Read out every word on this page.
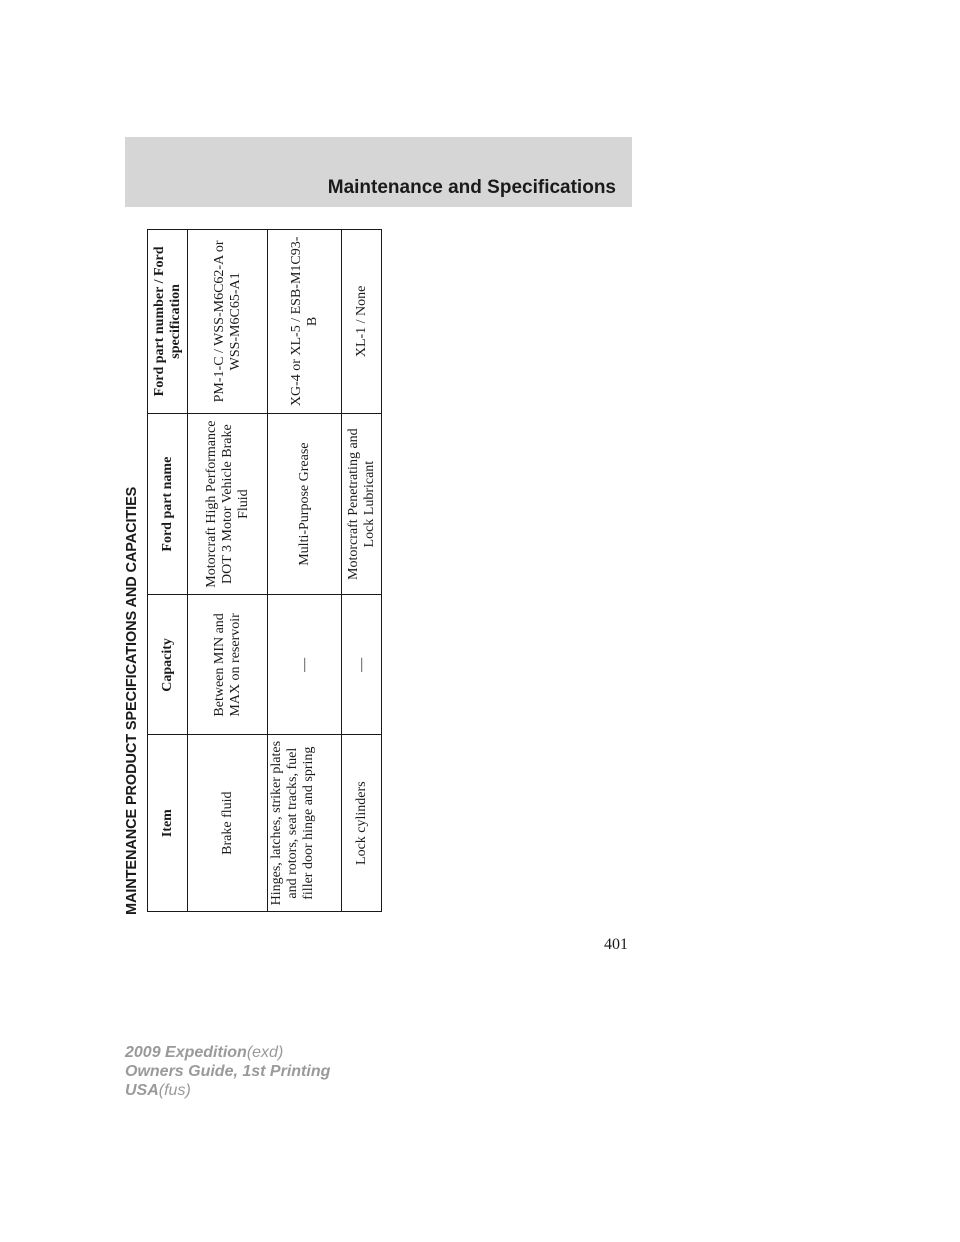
Maintenance and Specifications
MAINTENANCE PRODUCT SPECIFICATIONS AND CAPACITIES Item	Capacity	Ford part name	Ford part number / Ford specification
Brake fluid	Between MIN and MAX on reservoir	Motorcraft High Performance DOT 3 Motor Vehicle Brake Fluid	PM-1-C / WSS-M6C62-A or WSS-M6C65-A1
Hinges, latches, striker plates and rotors, seat tracks, fuel filler door hinge and spring	—	Multi-Purpose Grease	XG-4 or XL-5 / ESB-M1C93-B
Lock cylinders	—	Motorcraft Penetrating and Lock Lubricant	XL-1 / None
401
2009 Expedition(exd)
Owners Guide, 1st Printing
USA(fus)
